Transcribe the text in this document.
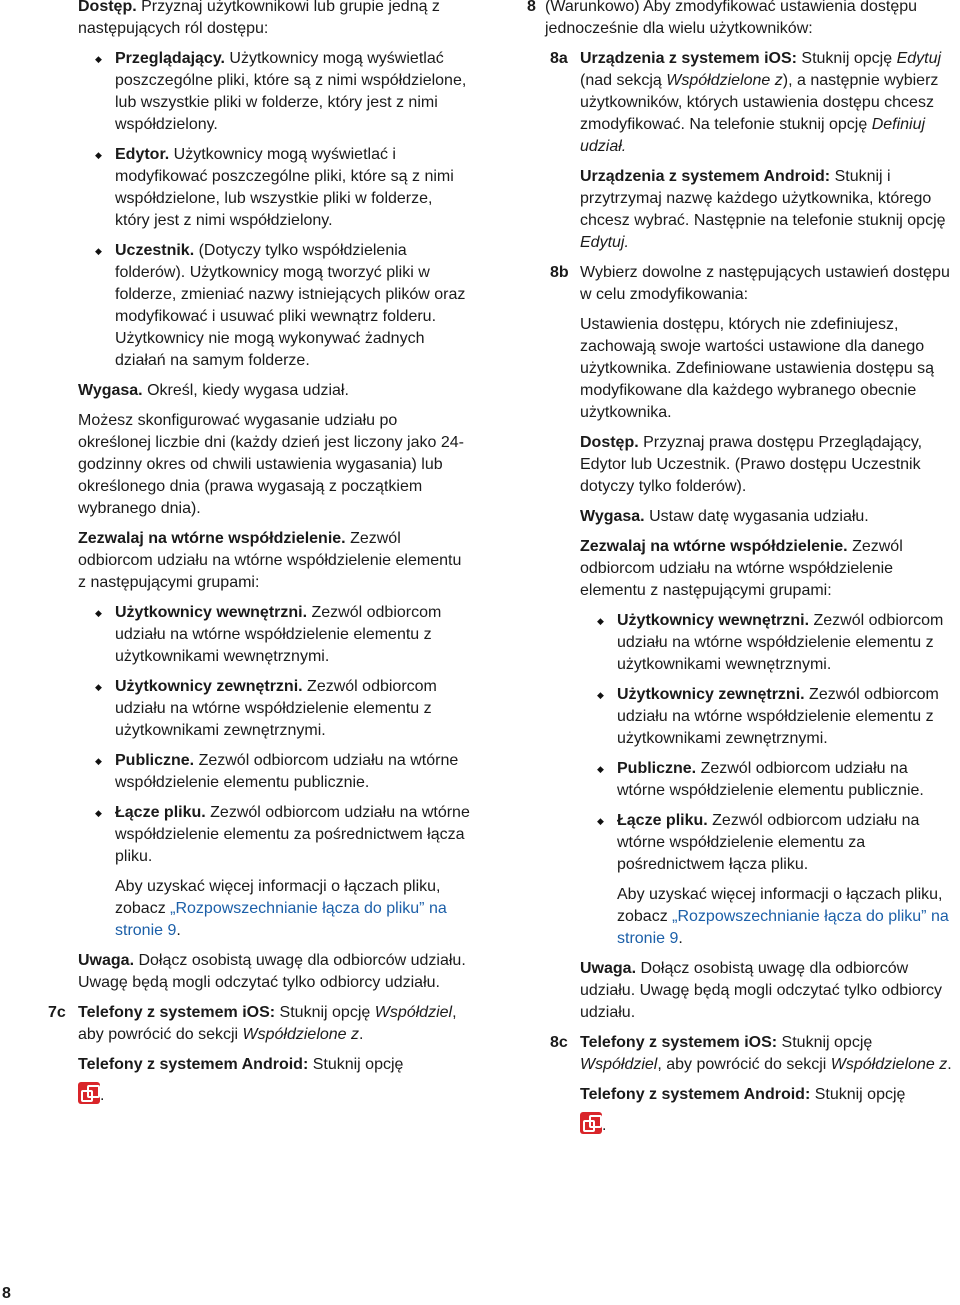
Dostęp. Przyznaj użytkownikowi lub grupie jedną z następujących ról dostępu:

◆ Przeglądający. Użytkownicy mogą wyświetlać poszczególne pliki, które są z nimi współdzielone, lub wszystkie pliki w folderze, który jest z nimi współdzielony.

◆ Edytor. Użytkownicy mogą wyświetlać i modyfikować poszczególne pliki, które są z nimi współdzielone, lub wszystkie pliki w folderze, który jest z nimi współdzielony.

◆ Uczestnik. (Dotyczy tylko współdzielenia folderów). Użytkownicy mogą tworzyć pliki w folderze, zmieniać nazwy istniejących plików oraz modyfikować i usuwać pliki wewnątrz folderu. Użytkownicy nie mogą wykonywać żadnych działań na samym folderze.

Wygasa. Określ, kiedy wygasa udział.

Możesz skonfigurować wygasanie udziału po określonej liczbie dni (każdy dzień jest liczony jako 24-godzinny okres od chwili ustawienia wygasania) lub określonego dnia (prawa wygasają z początkiem wybranego dnia).

Zezwalaj na wtórne współdzielenie. Zezwól odbiorcom udziału na wtórne współdzielenie elementu z następującymi grupami:

◆ Użytkownicy wewnętrzni. Zezwól odbiorcom udziału na wtórne współdzielenie elementu z użytkownikami wewnętrznymi.

◆ Użytkownicy zewnętrzni. Zezwól odbiorcom udziału na wtórne współdzielenie elementu z użytkownikami zewnętrznymi.

◆ Publiczne. Zezwól odbiorcom udziału na wtórne współdzielenie elementu publicznie.

◆ Łącze pliku. Zezwól odbiorcom udziału na wtórne współdzielenie elementu za pośrednictwem łącza pliku.

Aby uzyskać więcej informacji o łączach pliku, zobacz „Rozpowszechnianie łącza do pliku” na stronie 9.

Uwaga. Dołącz osobistą uwagę dla odbiorców udziału. Uwagę będą mogli odczytać tylko odbiorcy udziału.

7c Telefony z systemem iOS: Stuknij opcję Współdziel, aby powrócić do sekcji Współdzielone z.

Telefony z systemem Android: Stuknij opcję

.

8 (Warunkowo) Aby zmodyfikować ustawienia dostępu jednocześnie dla wielu użytkowników:

8a Urządzenia z systemem iOS: Stuknij opcję Edytuj (nad sekcją Współdzielone z), a następnie wybierz użytkowników, których ustawienia dostępu chcesz zmodyfikować. Na telefonie stuknij opcję Definiuj udział.

Urządzenia z systemem Android: Stuknij i przytrzymaj nazwę każdego użytkownika, którego chcesz wybrać. Następnie na telefonie stuknij opcję Edytuj.

8b Wybierz dowolne z następujących ustawień dostępu w celu zmodyfikowania:

Ustawienia dostępu, których nie zdefiniujesz, zachowają swoje wartości ustawione dla danego użytkownika. Zdefiniowane ustawienia dostępu są modyfikowane dla każdego wybranego obecnie użytkownika.

Dostęp. Przyznaj prawa dostępu Przeglądający, Edytor lub Uczestnik. (Prawo dostępu Uczestnik dotyczy tylko folderów).

Wygasa. Ustaw datę wygasania udziału.

Zezwalaj na wtórne współdzielenie. Zezwól odbiorcom udziału na wtórne współdzielenie elementu z następującymi grupami:

◆ Użytkownicy wewnętrzni. Zezwól odbiorcom udziału na wtórne współdzielenie elementu z użytkownikami wewnętrznymi.

◆ Użytkownicy zewnętrzni. Zezwól odbiorcom udziału na wtórne współdzielenie elementu z użytkownikami zewnętrznymi.

◆ Publiczne. Zezwól odbiorcom udziału na wtórne współdzielenie elementu publicznie.

◆ Łącze pliku. Zezwól odbiorcom udziału na wtórne współdzielenie elementu za pośrednictwem łącza pliku.

Aby uzyskać więcej informacji o łączach pliku, zobacz „Rozpowszechnianie łącza do pliku” na stronie 9.

Uwaga. Dołącz osobistą uwagę dla odbiorców udziału. Uwagę będą mogli odczytać tylko odbiorcy udziału.

8c Telefony z systemem iOS: Stuknij opcję Współdziel, aby powrócić do sekcji Współdzielone z.

Telefony z systemem Android: Stuknij opcję

.

8
